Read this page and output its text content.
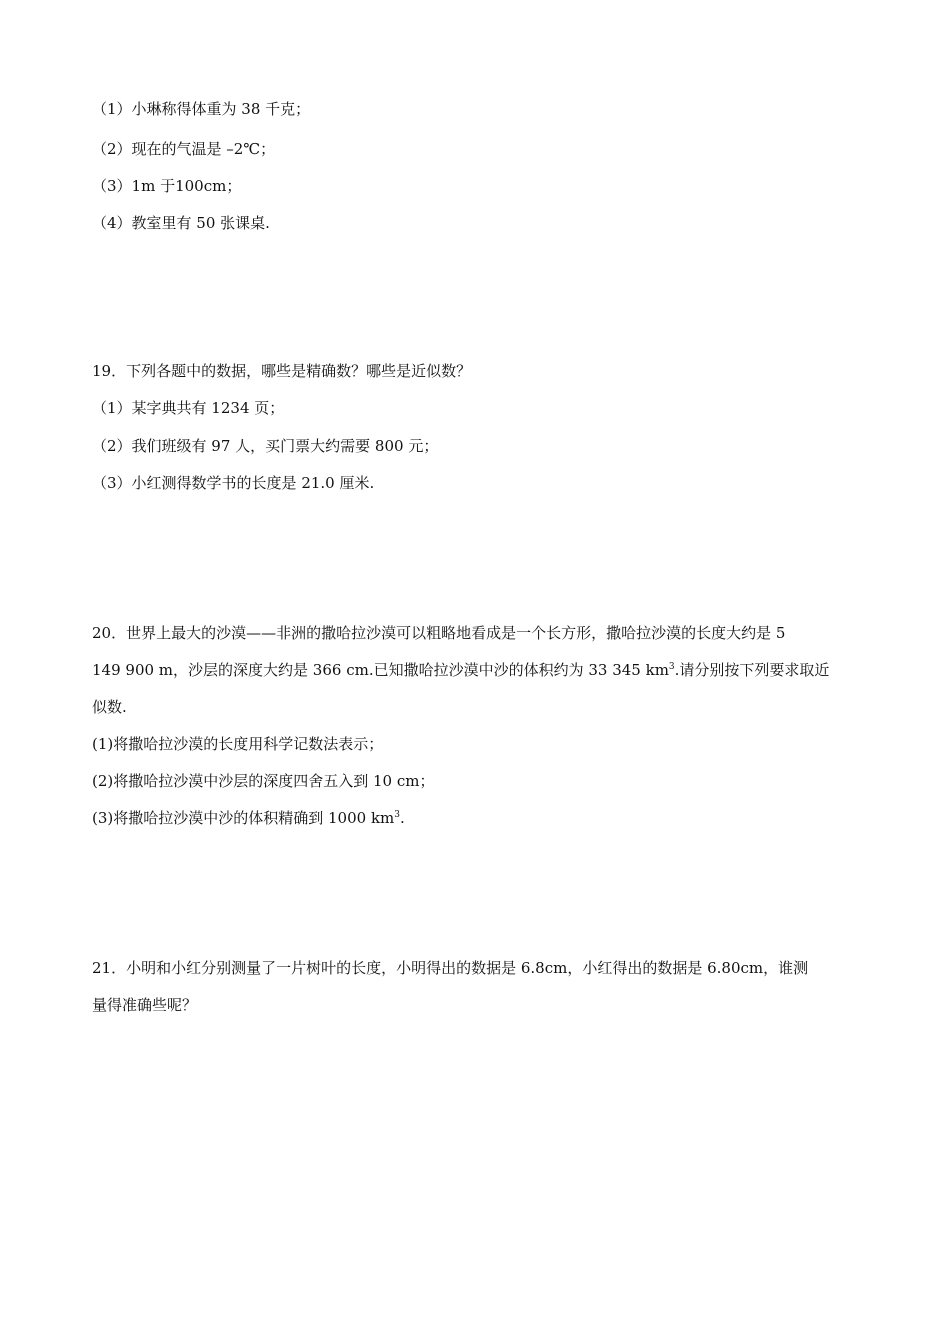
（1）小琳称得体重为 38 千克；
（2）现在的气温是 –2℃；
（3）1m 于100cm；
（4）教室里有 50 张课桌.
19．下列各题中的数据，哪些是精确数？哪些是近似数？
（1）某字典共有 1234 页；
（2）我们班级有 97 人，买门票大约需要 800 元；
（3）小红测得数学书的长度是 21.0 厘米.
20．世界上最大的沙漠——非洲的撒哈拉沙漠可以粗略地看成是一个长方形，撒哈拉沙漠的长度大约是 5
149 900 m，沙层的深度大约是 366 cm.已知撒哈拉沙漠中沙的体积约为 33 345 $km^3$.请分别按下列要求取近
似数.
(1)将撒哈拉沙漠的长度用科学记数法表示；
(2)将撒哈拉沙漠中沙层的深度四舍五入到 10 cm；
(3)将撒哈拉沙漠中沙的体积精确到 1000 $km^3$.
21．小明和小红分别测量了一片树叶的长度，小明得出的数据是 6.8cm，小红得出的数据是 6.80cm，谁测
量得准确些呢？
